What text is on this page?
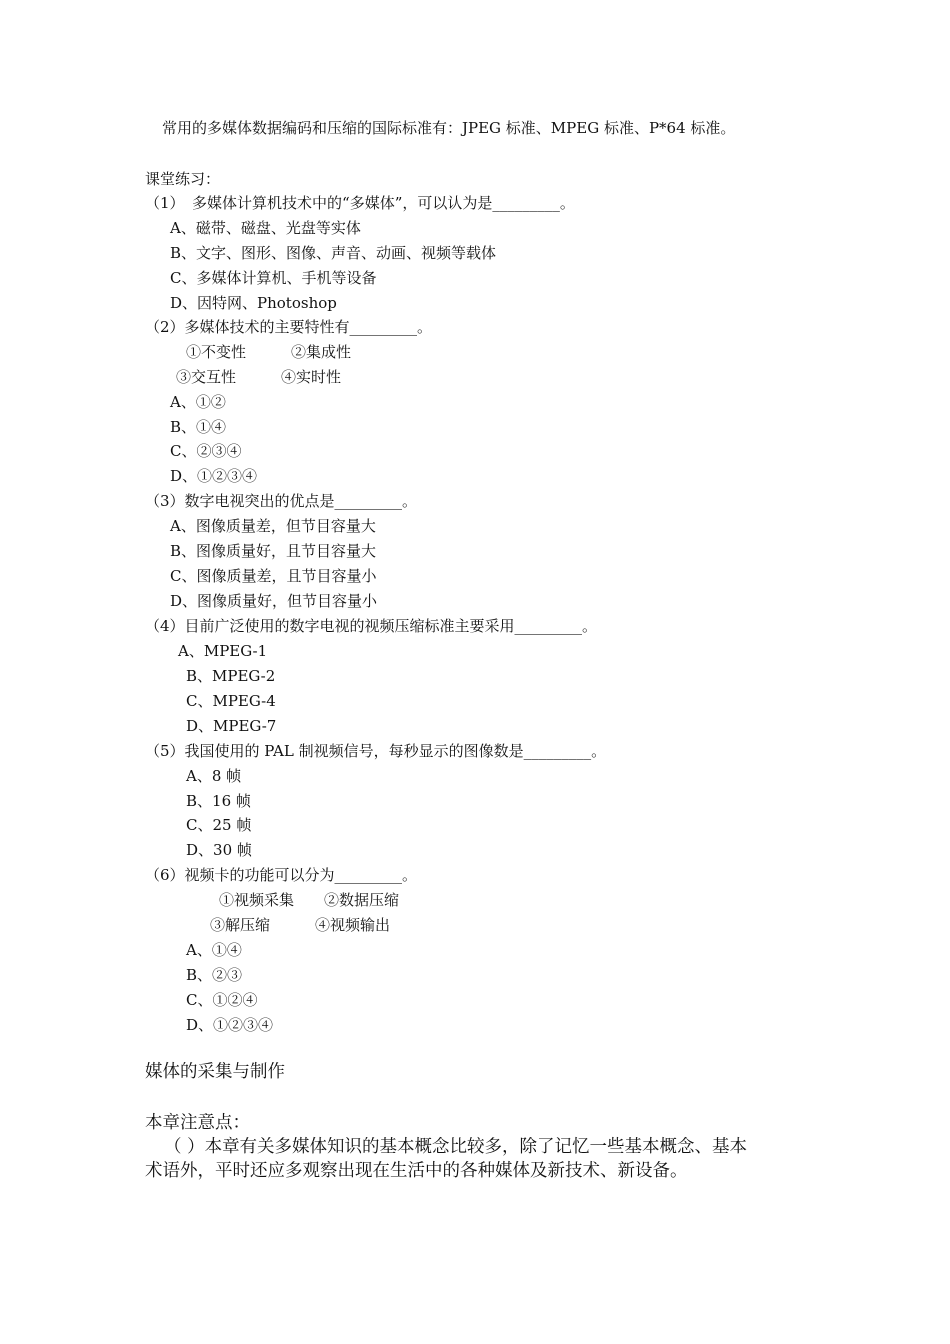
常用的多媒体数据编码和压缩的国际标准有：JPEG 标准、MPEG 标准、P*64 标准。
课堂练习：
（1）　多媒体计算机技术中的“多媒体”，可以认为是_________。
A、磁带、磁盘、光盘等实体
B、文字、图形、图像、声音、动画、视频等载体
C、多媒体计算机、手机等设备
D、因特网、Photoshop
（2）多媒体技术的主要特性有_________。
①不变性　　　②集成性
③交互性　　　④实时性
A、①②
B、①④
C、②③④
D、①②③④
（3）数字电视突出的优点是_________。
A、图像质量差，但节目容量大
B、图像质量好，且节目容量大
C、图像质量差，且节目容量小
D、图像质量好，但节目容量小
（4）目前广泛使用的数字电视的视频压缩标准主要采用_________。
A、MPEG-1
B、MPEG-2
C、MPEG-4
D、MPEG-7
（5）我国使用的 PAL 制视频信号，每秒显示的图像数是_________。
A、8 帧
B、16 帧
C、25 帧
D、30 帧
（6）视频卡的功能可以分为_________。
①视频采集　　②数据压缩
③解压缩　　　④视频输出
A、①④
B、②③
C、①②④
D、①②③④
媒体的采集与制作
本章注意点：
（ ）本章有关多媒体知识的基本概念比较多，除了记忆一些基本概念、基本
术语外，平时还应多观察出现在生活中的各种媒体及新技术、新设备。
